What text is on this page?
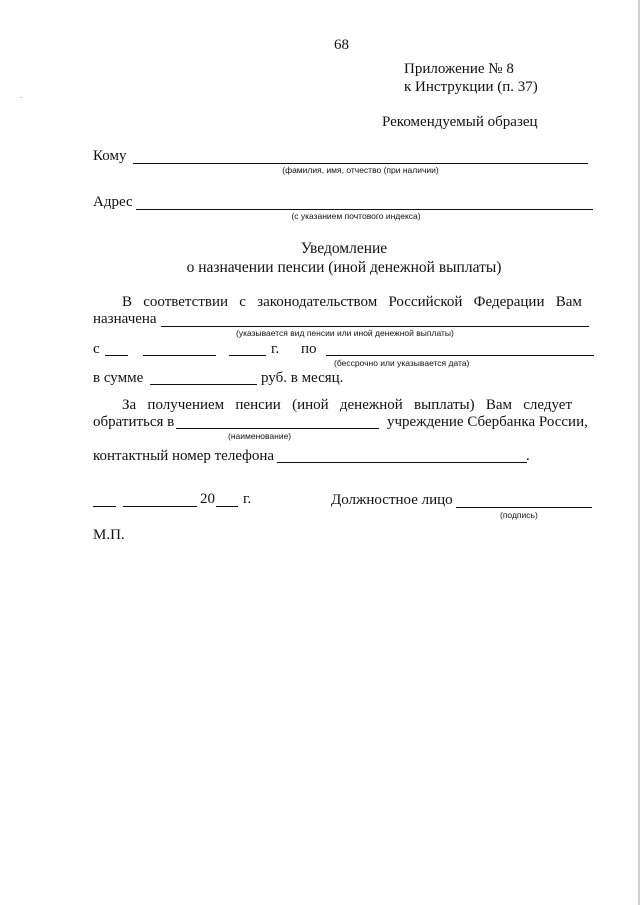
68
Приложение № 8
к Инструкции (п. 37)
Рекомендуемый образец
Кому
(фамилия, имя, отчество (при наличии)
Адрес
(с указанием почтового индекса)
Уведомление
о назначении пенсии (иной денежной выплаты)
В   соответствии   с   законодательством   Российской   Федерации   Вам
назначена
(указывается вид пенсии или иной денежной выплаты)
с	г. по
(бессрочно или указывается дата)
в сумме	руб. в месяц.
За   получением   пенсии   (иной   денежной   выплаты)   Вам   следует
обратиться в	учреждение Сбербанка России,
(наименование)
контактный номер телефона	.
20 г.	Должностное лицо
(подпись)
М.П.
